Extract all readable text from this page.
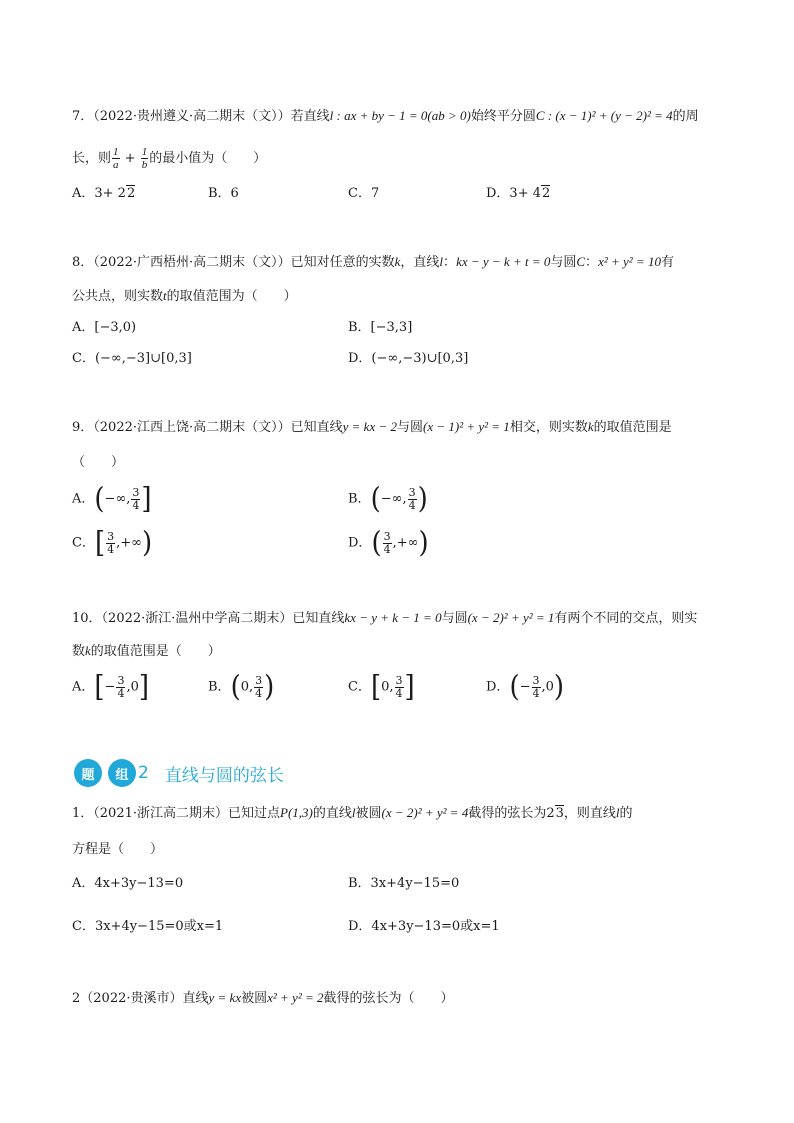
7．（2022·贵州遵义·高二期末（文））若直线l : ax + by − 1 = 0(ab > 0)始终平分圆C : (x − 1)² + (y − 2)² = 4的周
长，则 $\frac{1}{a} + \frac{1}{b}$ 的最小值为（　　）
A．3+ 22	B．6	C．7	D．3+ 42
8．（2022·广西梧州·高二期末（文））已知对任意的实数k，直线l：kx − y − k + t = 0与圆C：x² + y² = 10有
公共点，则实数t的取值范围为（　　）
A．[−3,0)	B．[−3,3]
C．(−∞,−3]∪[0,3]	D．(−∞,−3)∪[0,3]
9．（2022·江西上饶·高二期末（文））已知直线y = kx − 2与圆(x − 1)² + y² = 1相交，则实数k的取值范围是
（　　）
A．(−∞, $\frac{3}{4}$ ]	B．(−∞, $\frac{3}{4}$ )
C．[ $\frac{3}{4}$ ,+∞)	D．( $\frac{3}{4}$ ,+∞)
10．（2022·浙江·温州中学高二期末）已知直线kx − y + k − 1 = 0与圆(x − 2)² + y² = 1有两个不同的交点，则实
数k的取值范围是（　　）
A．[− $\frac{3}{4} ,0$]	B．(0, $\frac{3}{4}$ )	C．[0, $\frac{3}{4}$ ]	D．(− $\frac{3}{4} ,0$)
题	组 2 直线与圆的弦长
1．（2021·浙江高二期末）已知过点P(1,3)的直线l被圆(x − 2)² + y² = 4截得的弦长为23，则直线l的
方程是（　　）
A．4x+3y−13=0	B．3x+4y−15=0
C．3x+4y−15=0或x=1	D．4x+3y−13=0或x=1
2（2022·贵溪市）直线y = kx被圆x² + y² = 2截得的弦长为（　　）
